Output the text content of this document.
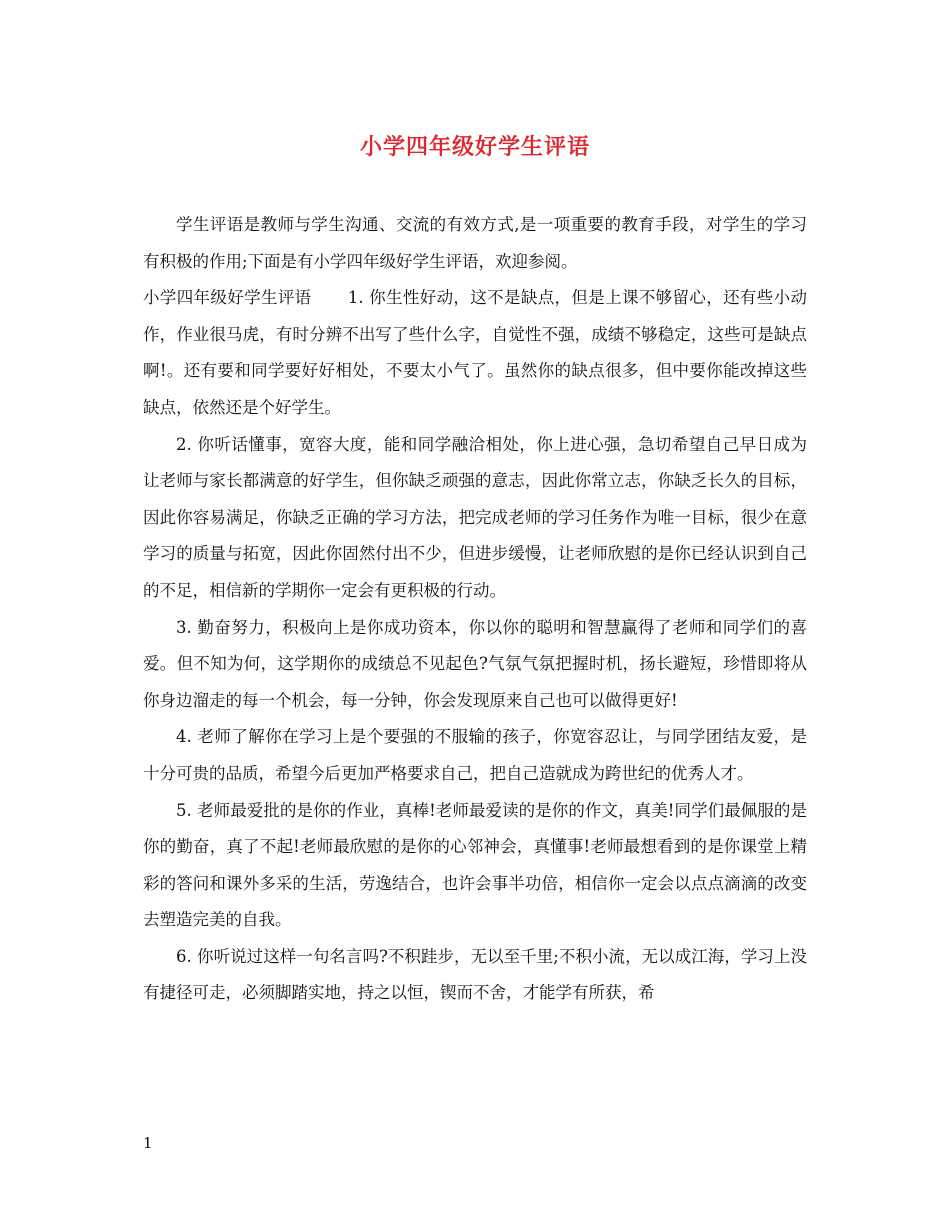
小学四年级好学生评语

学生评语是教师与学生沟通、交流的有效方式,是一项重要的教育手段，对学生的学习有积极的作用;下面是有小学四年级好学生评语，欢迎参阅。

小学四年级好学生评语 1. 你生性好动，这不是缺点，但是上课不够留心，还有些小动作，作业很马虎，有时分辨不出写了些什么字，自觉性不强，成绩不够稳定，这些可是缺点啊!。还有要和同学要好好相处，不要太小气了。虽然你的缺点很多，但中要你能改掉这些缺点，依然还是个好学生。

2. 你听话懂事，宽容大度，能和同学融洽相处，你上进心强，急切希望自己早日成为让老师与家长都满意的好学生，但你缺乏顽强的意志，因此你常立志，你缺乏长久的目标，因此你容易满足，你缺乏正确的学习方法，把完成老师的学习任务作为唯一目标，很少在意学习的质量与拓宽，因此你固然付出不少，但进步缓慢，让老师欣慰的是你已经认识到自己的不足，相信新的学期你一定会有更积极的行动。

3. 勤奋努力，积极向上是你成功资本，你以你的聪明和智慧赢得了老师和同学们的喜爱。但不知为何，这学期你的成绩总不见起色?气氛气氛把握时机，扬长避短，珍惜即将从你身边溜走的每一个机会，每一分钟，你会发现原来自己也可以做得更好!

4. 老师了解你在学习上是个要强的不服输的孩子，你宽容忍让，与同学团结友爱，是十分可贵的品质，希望今后更加严格要求自己，把自己造就成为跨世纪的优秀人才。

5. 老师最爱批的是你的作业，真棒!老师最爱读的是你的作文，真美!同学们最佩服的是你的勤奋，真了不起!老师最欣慰的是你的心邻神会，真懂事!老师最想看到的是你课堂上精彩的答问和课外多采的生活，劳逸结合，也许会事半功倍，相信你一定会以点点滴滴的改变去塑造完美的自我。

6. 你听说过这样一句名言吗?不积跬步，无以至千里;不积小流，无以成江海，学习上没有捷径可走，必须脚踏实地，持之以恒，锲而不舍，才能学有所获，希

1
